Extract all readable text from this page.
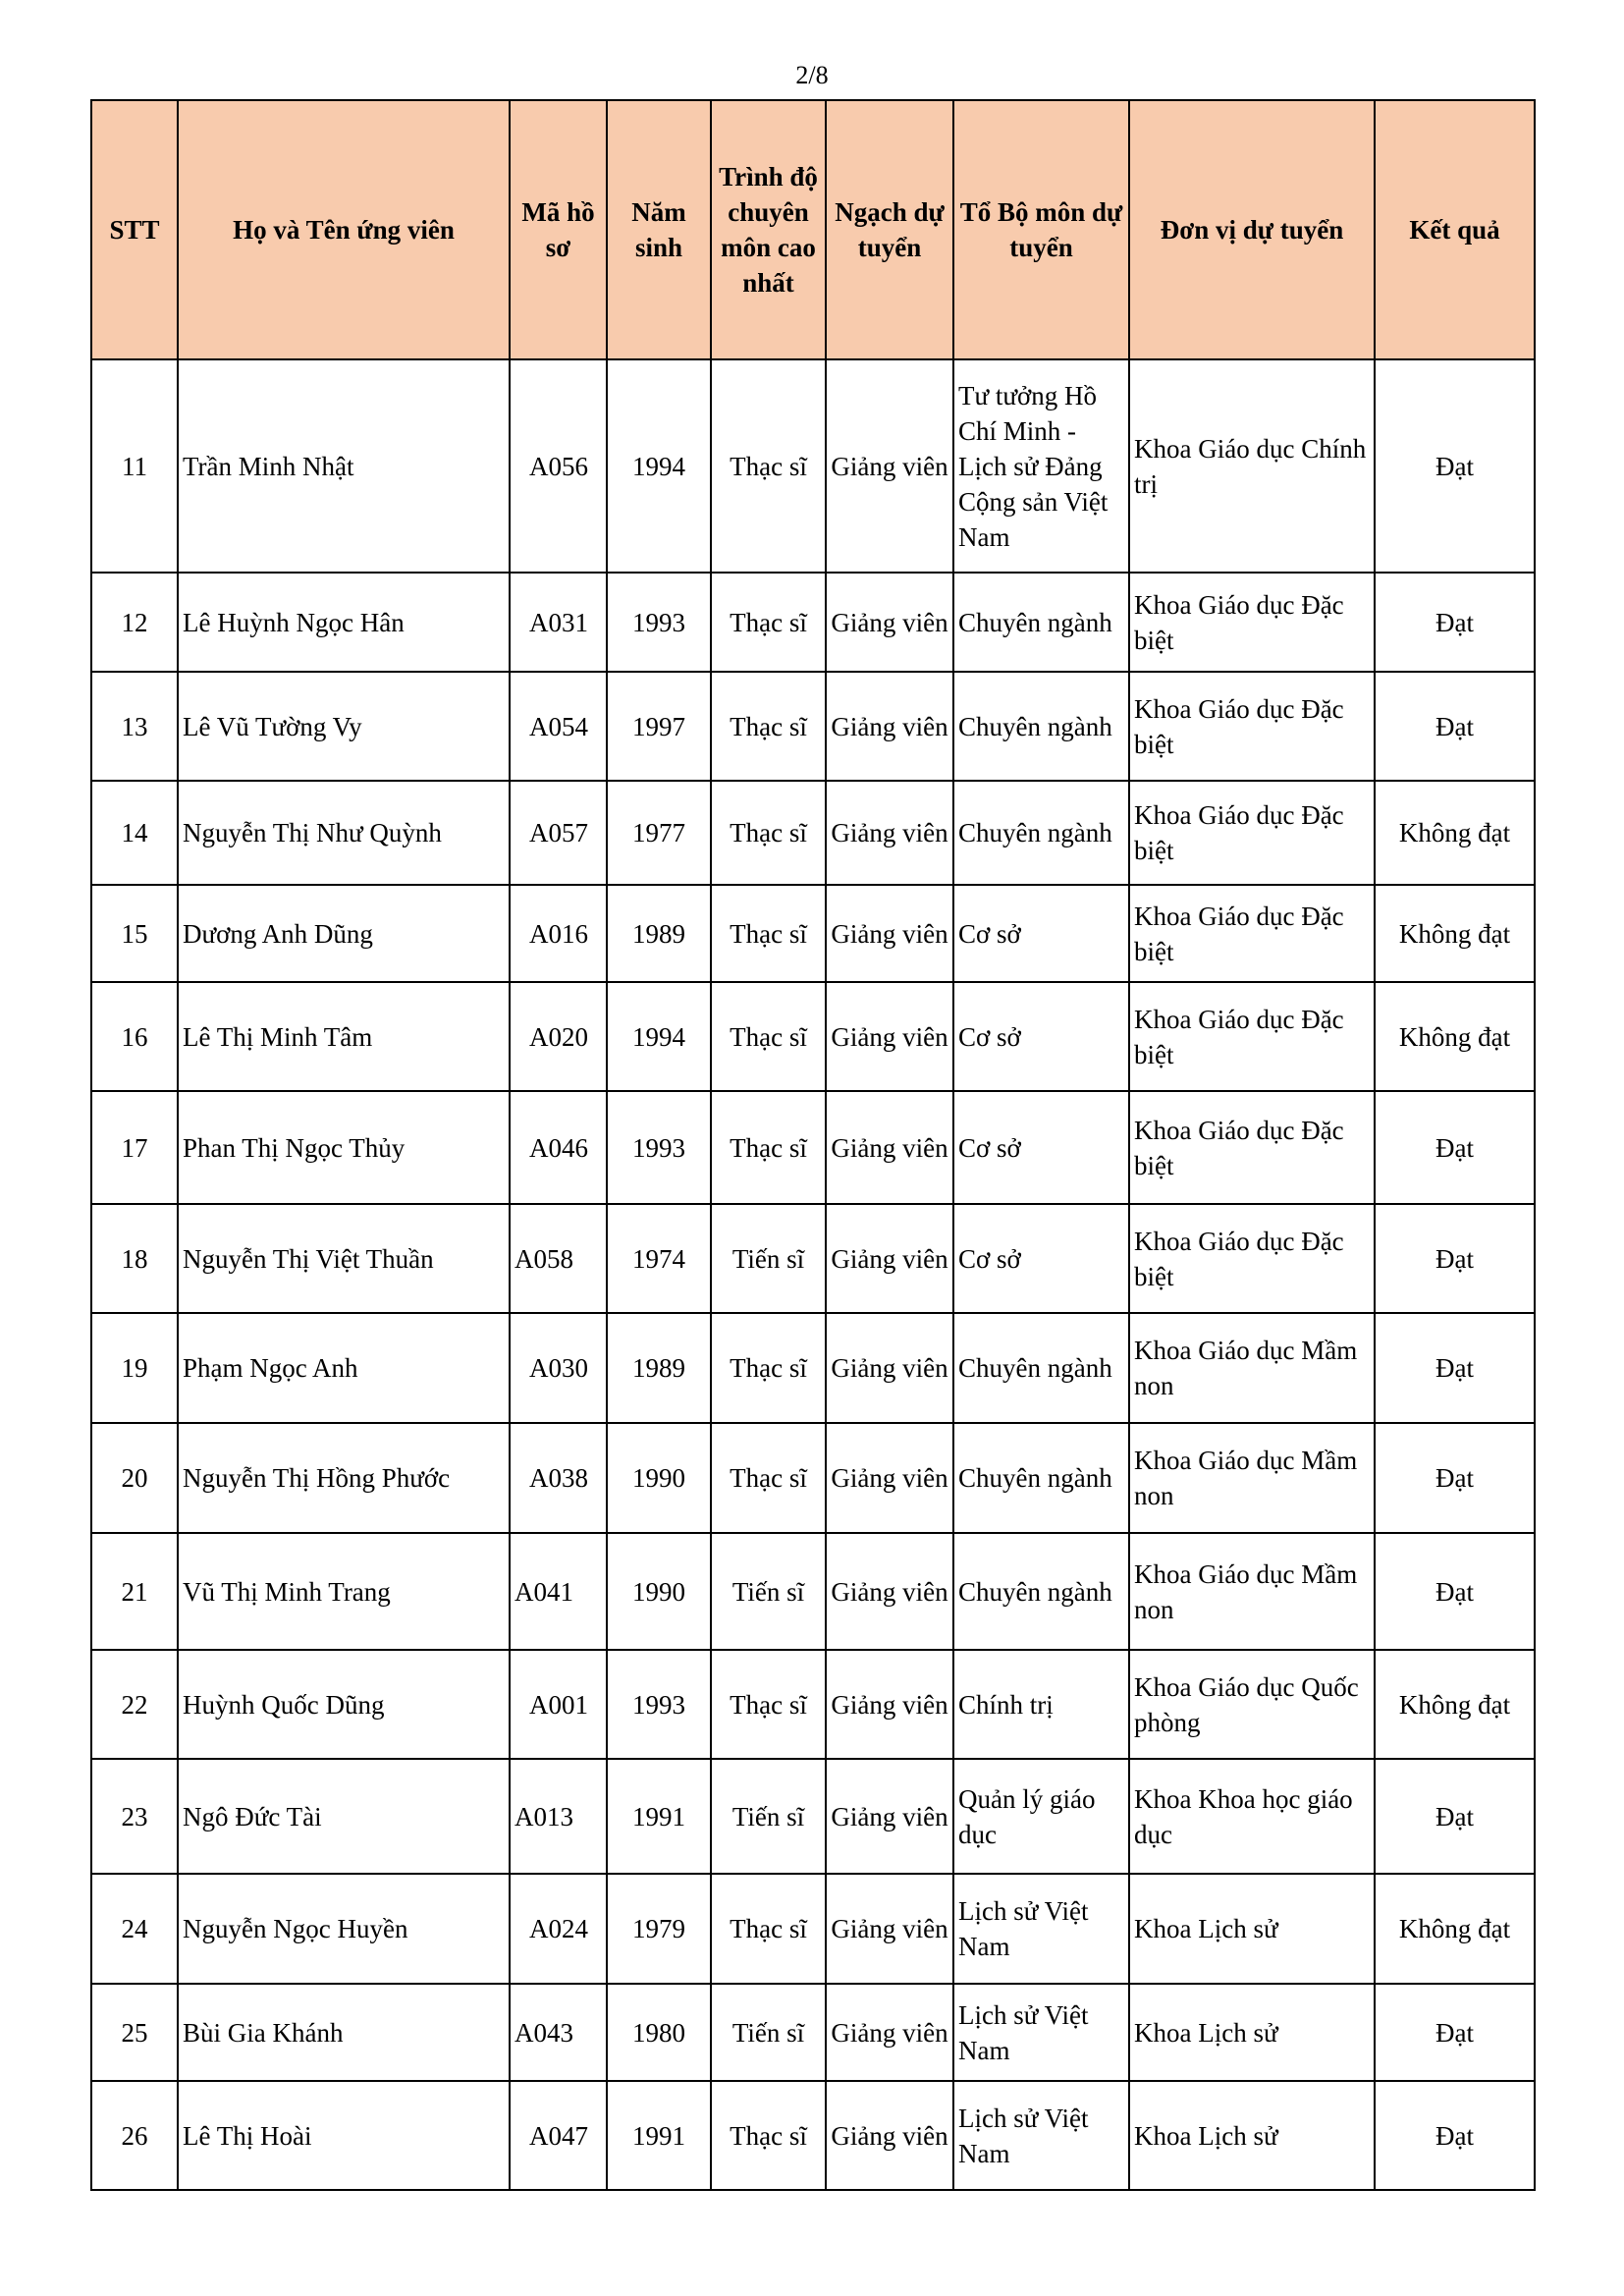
2/8
STT	Họ và Tên ứng viên	Mã hồ sơ	Năm sinh	Trình độ chuyên môn cao nhất	Ngạch dự tuyển	Tổ Bộ môn dự tuyển	Đơn vị dự tuyển	Kết quả
11	Trần Minh Nhật	A056	1994	Thạc sĩ	Giảng viên	Tư tưởng Hồ Chí Minh - Lịch sử Đảng Cộng sản Việt Nam	Khoa Giáo dục Chính trị	Đạt
12	Lê Huỳnh Ngọc Hân	A031	1993	Thạc sĩ	Giảng viên	Chuyên ngành	Khoa Giáo dục Đặc biệt	Đạt
13	Lê Vũ Tường Vy	A054	1997	Thạc sĩ	Giảng viên	Chuyên ngành	Khoa Giáo dục Đặc biệt	Đạt
14	Nguyễn Thị Như Quỳnh	A057	1977	Thạc sĩ	Giảng viên	Chuyên ngành	Khoa Giáo dục Đặc biệt	Không đạt
15	Dương Anh Dũng	A016	1989	Thạc sĩ	Giảng viên	Cơ sở	Khoa Giáo dục Đặc biệt	Không đạt
16	Lê Thị Minh Tâm	A020	1994	Thạc sĩ	Giảng viên	Cơ sở	Khoa Giáo dục Đặc biệt	Không đạt
17	Phan Thị Ngọc Thủy	A046	1993	Thạc sĩ	Giảng viên	Cơ sở	Khoa Giáo dục Đặc biệt	Đạt
18	Nguyễn Thị Việt Thuần	A058	1974	Tiến sĩ	Giảng viên	Cơ sở	Khoa Giáo dục Đặc biệt	Đạt
19	Phạm Ngọc Anh	A030	1989	Thạc sĩ	Giảng viên	Chuyên ngành	Khoa Giáo dục Mầm non	Đạt
20	Nguyễn Thị Hồng Phước	A038	1990	Thạc sĩ	Giảng viên	Chuyên ngành	Khoa Giáo dục Mầm non	Đạt
21	Vũ Thị Minh Trang	A041	1990	Tiến sĩ	Giảng viên	Chuyên ngành	Khoa Giáo dục Mầm non	Đạt
22	Huỳnh Quốc Dũng	A001	1993	Thạc sĩ	Giảng viên	Chính trị	Khoa Giáo dục Quốc phòng	Không đạt
23	Ngô Đức Tài	A013	1991	Tiến sĩ	Giảng viên	Quản lý giáo dục	Khoa Khoa học giáo dục	Đạt
24	Nguyễn Ngọc Huyền	A024	1979	Thạc sĩ	Giảng viên	Lịch sử Việt Nam	Khoa Lịch sử	Không đạt
25	Bùi Gia Khánh	A043	1980	Tiến sĩ	Giảng viên	Lịch sử Việt Nam	Khoa Lịch sử	Đạt
26	Lê Thị Hoài	A047	1991	Thạc sĩ	Giảng viên	Lịch sử Việt Nam	Khoa Lịch sử	Đạt
